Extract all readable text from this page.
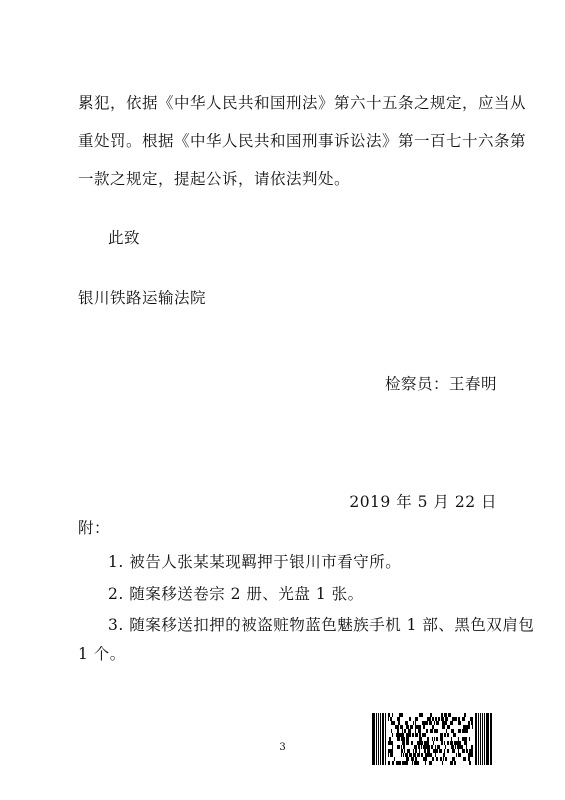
累犯，依据《中华人民共和国刑法》第六十五条之规定，应当从
重处罚。根据《中华人民共和国刑事诉讼法》第一百七十六条第
一款之规定，提起公诉，请依法判处。
此致
银川铁路运输法院
检察员：王春明
2019 年 5 月 22 日
附：
1. 被告人张某某现羁押于银川市看守所。
2. 随案移送卷宗 2 册、光盘 1 张。
3. 随案移送扣押的被盗赃物蓝色魅族手机 1 部、黑色双肩包
1 个。
3
